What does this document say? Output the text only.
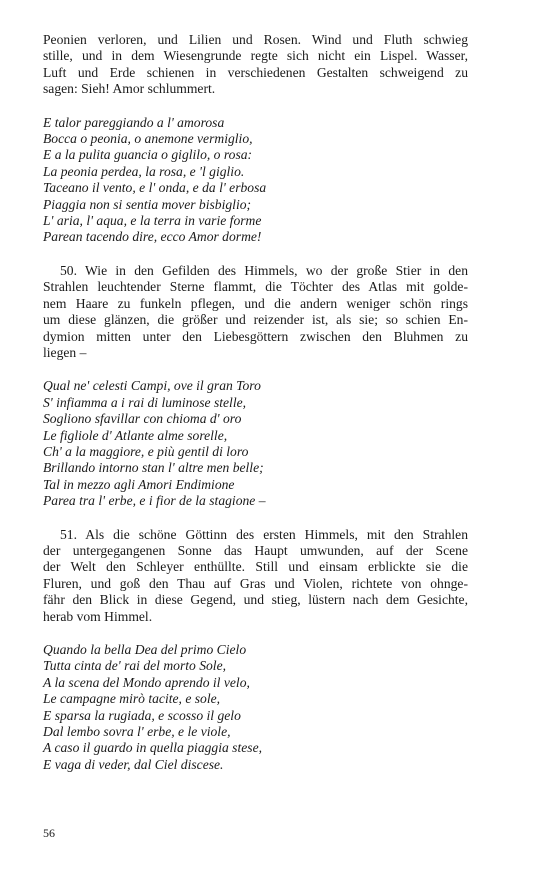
Peonien verloren, und Lilien und Rosen. Wind und Fluth schwieg
stille, und in dem Wiesengrunde regte sich nicht ein Lispel. Wasser,
Luft und Erde schienen in verschiedenen Gestalten schweigend zu
sagen: Sieh! Amor schlummert.

E talor pareggiando a l' amorosa
Bocca o peonia, o anemone vermiglio,
E a la pulita guancia o giglilo, o rosa:
La peonia perdea, la rosa, e 'l giglio.
Taceano il vento, e l' onda, e da l' erbosa
Piaggia non si sentia mover bisbiglio;
L' aria, l' aqua, e la terra in varie forme
Parean tacendo dire, ecco Amor dorme!

50. Wie in den Gefilden des Himmels, wo der große Stier in den
Strahlen leuchtender Sterne flammt, die Töchter des Atlas mit golde-
nem Haare zu funkeln pflegen, und die andern weniger schön rings
um diese glänzen, die größer und reizender ist, als sie; so schien En-
dymion mitten unter den Liebesgöttern zwischen den Bluhmen zu
liegen –

Qual ne' celesti Campi, ove il gran Toro
S' infiamma a i rai di luminose stelle,
Sogliono sfavillar con chioma d' oro
Le figliole d' Atlante alme sorelle,
Ch' a la maggiore, e più gentil di loro
Brillando intorno stan l' altre men belle;
Tal in mezzo agli Amori Endimione
Parea tra l' erbe, e i fior de la stagione –

51. Als die schöne Göttinn des ersten Himmels, mit den Strahlen
der untergegangenen Sonne das Haupt umwunden, auf der Scene
der Welt den Schleyer enthüllte. Still und einsam erblickte sie die
Fluren, und goß den Thau auf Gras und Violen, richtete von ohnge-
fähr den Blick in diese Gegend, und stieg, lüstern nach dem Gesichte,
herab vom Himmel.

Quando la bella Dea del primo Cielo
Tutta cinta de' rai del morto Sole,
A la scena del Mondo aprendo il velo,
Le campagne mirò tacite, e sole,
E sparsa la rugiada, e scosso il gelo
Dal lembo sovra l' erbe, e le viole,
A caso il guardo in quella piaggia stese,
E vaga di veder, dal Ciel discese.
56
